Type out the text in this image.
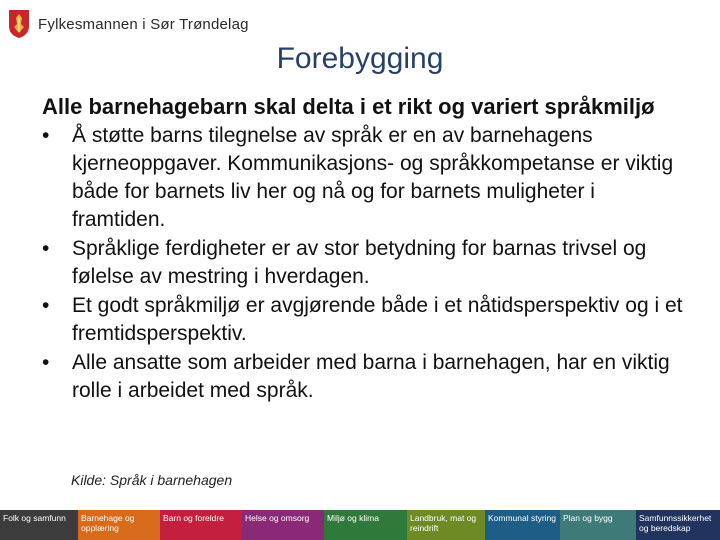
Fylkesmannen i Sør Trøndelag
Forebygging
Alle barnehagebarn skal delta i et rikt og variert språkmiljø
•	Å støtte barns tilegnelse av språk er en av barnehagens kjerneoppgaver. Kommunikasjons- og språkkompetanse er viktig både for barnets liv her og nå og for barnets muligheter i framtiden.
•	Språklige ferdigheter er av stor betydning for barnas trivsel og følelse av mestring i hverdagen.
•	Et godt språkmiljø er avgjørende både i et nåtidsperspektiv og i et fremtidsperspektiv.
•	Alle ansatte som arbeider med barna i barnehagen, har en viktig rolle i arbeidet med språk.
Kilde: Språk i barnehagen
Folk og samfunn	Barnehage og opplæring
Barn og foreldre	Helse og omsorg	Miljø og klima	Landbruk, mat og reindrift
Kommunal styring Plan og bygg	Samfunnssikkerhet og beredskap
